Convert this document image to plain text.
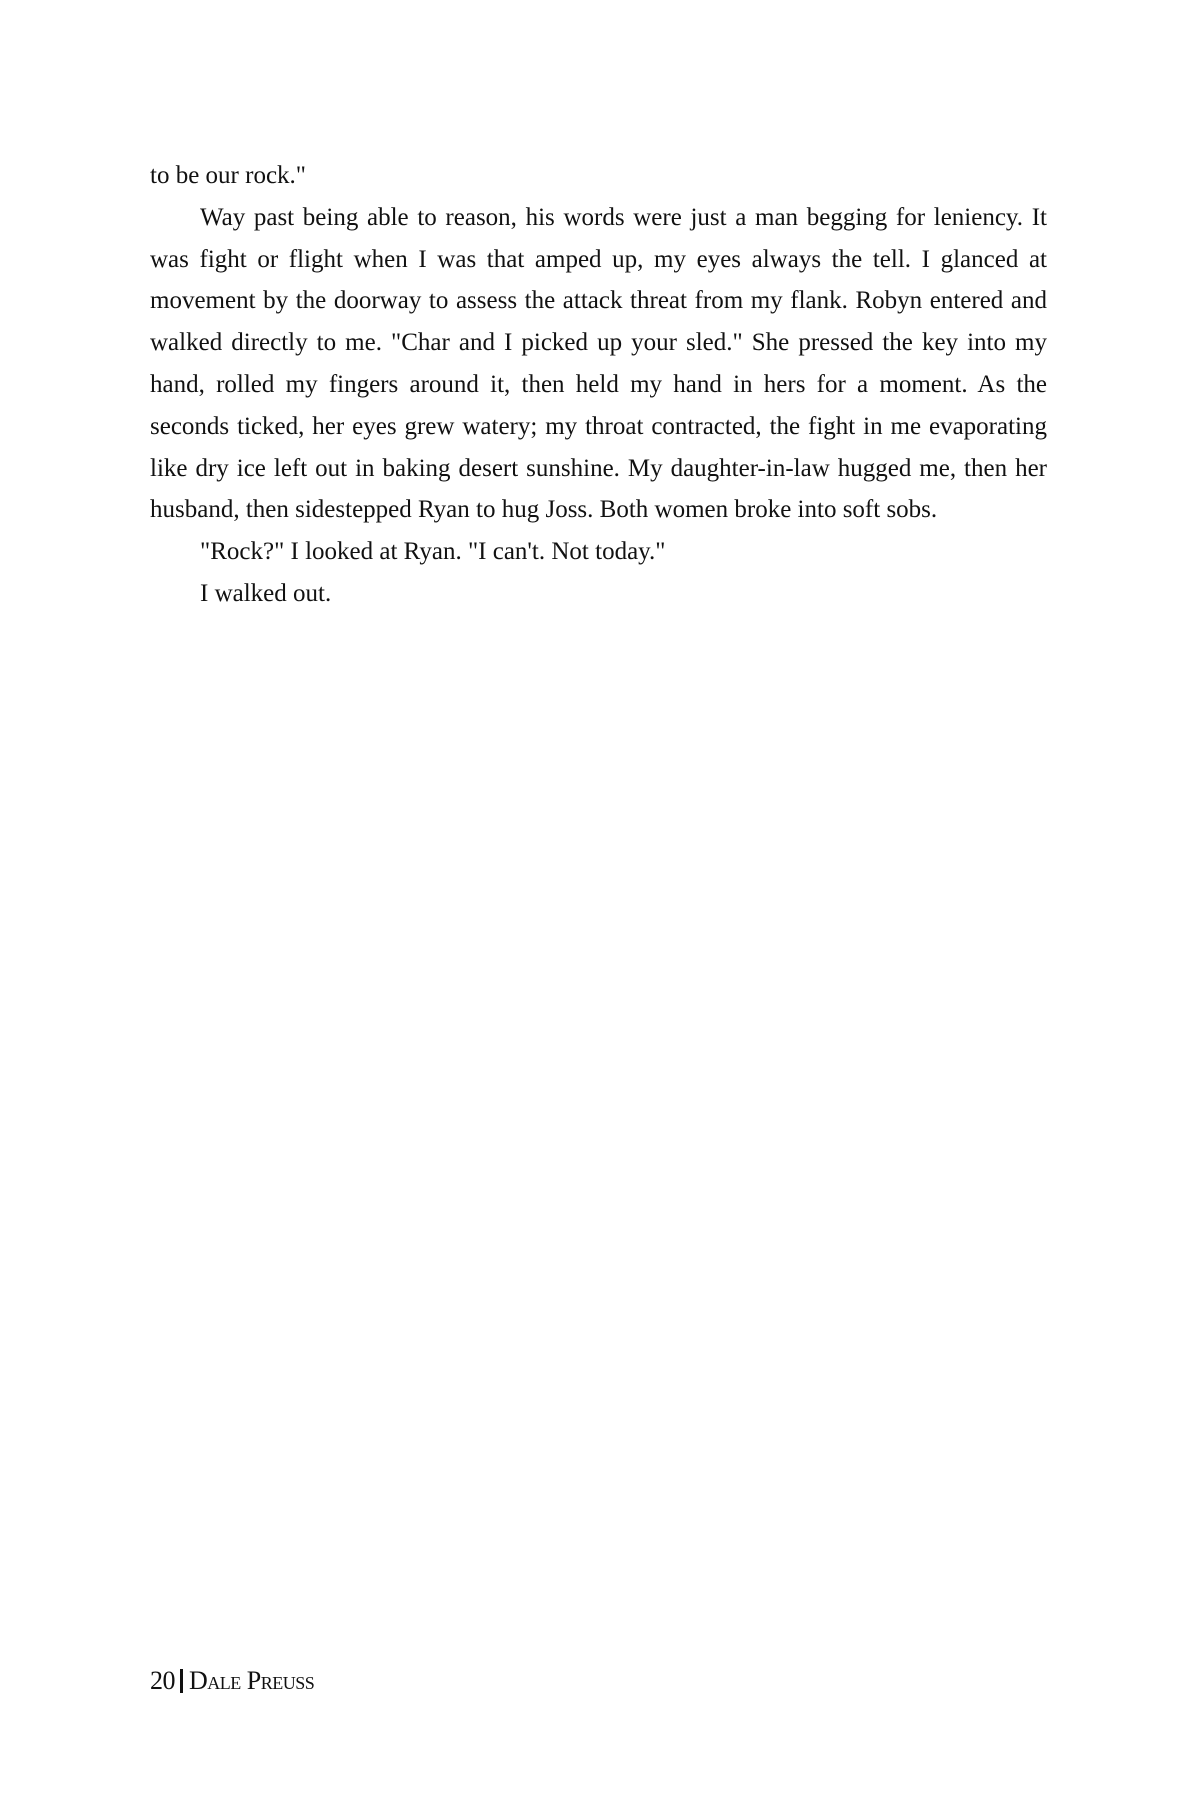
to be our rock."

Way past being able to reason, his words were just a man begging for leniency. It was fight or flight when I was that amped up, my eyes always the tell. I glanced at movement by the doorway to assess the attack threat from my flank. Robyn entered and walked directly to me. "Char and I picked up your sled." She pressed the key into my hand, rolled my fingers around it, then held my hand in hers for a moment. As the seconds ticked, her eyes grew watery; my throat contracted, the fight in me evaporating like dry ice left out in baking desert sunshine. My daughter-in-law hugged me, then her husband, then sidestepped Ryan to hug Joss. Both women broke into soft sobs.

"Rock?" I looked at Ryan. "I can't. Not today."

I walked out.

20 Dale Preuss
